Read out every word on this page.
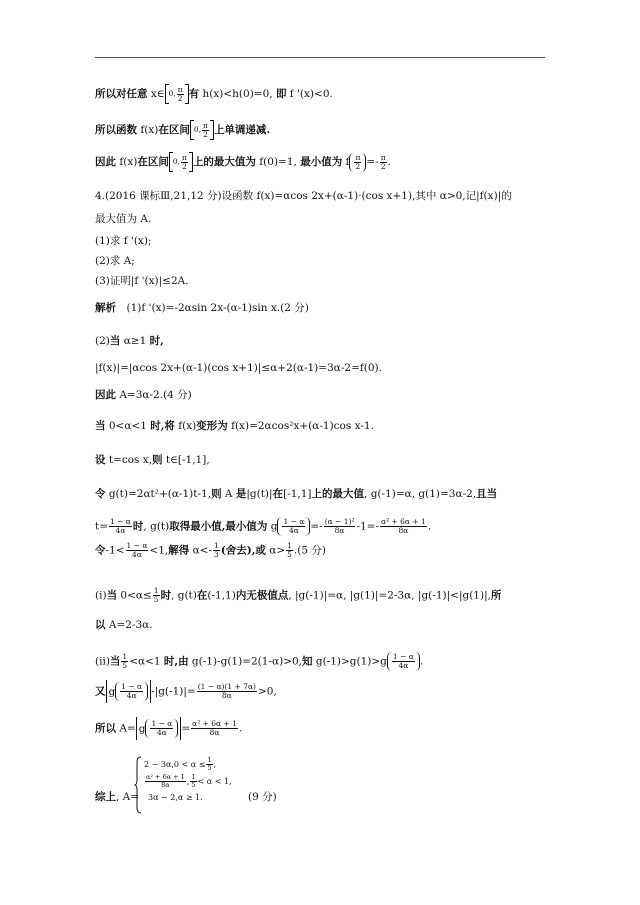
所以对任意 x∈ 0, $\frac{\pi}{2}$ 有 h(x)<h(0)=0, 即 f '(x)<0.
所以函数 f(x)在区间 0, $\frac{\pi}{2}$ 上单调递减.
因此 f(x)在区间 0, $\frac{\pi}{2}$ 上的最大值为 f(0)=1, 最小值为 f $\frac{\pi}{2} =- \frac{\pi}{2}$ .
4.(2016 课标Ⅲ,21,12 分)设函数 f(x)=αcos 2x+(α-1)·(cos x+1),其中 α>0,记|f(x)|的
最大值为 A.
(1)求 f '(x);
(2)求 A;
(3)证明|f '(x)|≤2A.
解析　(1)f '(x)=-2αsin 2x-(α-1)sin x.(2 分)
(2)当 α≥1 时,
|f(x)|=|αcos 2x+(α-1)(cos x+1)|≤α+2(α-1)=3α-2=f(0).
因此 A=3α-2.(4 分)
当 0<α<1 时,将 f(x)变形为 f(x)=2αcos²x+(α-1)cos x-1.
设 t=cos x,则 t∈[-1,1],
令 g(t)=2αt²+(α-1)t-1,则 A 是|g(t)|在[-1,1]上的最大值, g(-1)=α, g(1)=3α-2,且当
$t= \frac{1 - \alpha}{4\alpha}$ 时, g(t)取得最小值,最小值为 g $\frac{1 - \alpha}{4\alpha} =- \frac{\text{(α − 1)²}}{8\alpha} -1=- \frac{\text{α² + 6α + 1}}{8\alpha}$ .
令$-1< \frac{1 - \alpha}{4\alpha} <1$,解得 $\alpha<- \frac{1}{3}$ (舍去),或 $\alpha> \frac{1}{5} .(5$ 分)
(i)当 $0<\alpha\le \frac{1}{5}$ 时, g(t)在(-1,1)内无极值点, |g(-1)|=α, |g(1)|=2-3α, |g(-1)|<|g(1)|,所
以 A=2-3α.
(ii)当 $\frac{1}{5} <\alpha<1$ 时,由 g(-1)-g(1)=2(1-α)>0,知 $g(-1)>g(1)>g \frac{1 - \alpha}{4\alpha}$ .
又 g $\frac{1 - \alpha}{4\alpha} -|g(-1)|= \frac{(1 - \alpha)(1 + 7\alpha)}{8\alpha} >0$,
所以 A= g $\frac{1 - \alpha}{4\alpha} = \frac{\text{α² + 6α + 1}}{8\alpha}$ .
综上, A=
$2 - 3\alpha,0 < \alpha \le \frac{1}{5}$ ,
$\frac{\text{α² + 6α + 1}}{8\alpha}$ , $\frac{1}{5} < \alpha < 1$,
3α − 2,α ≥ 1.	(9 分)
